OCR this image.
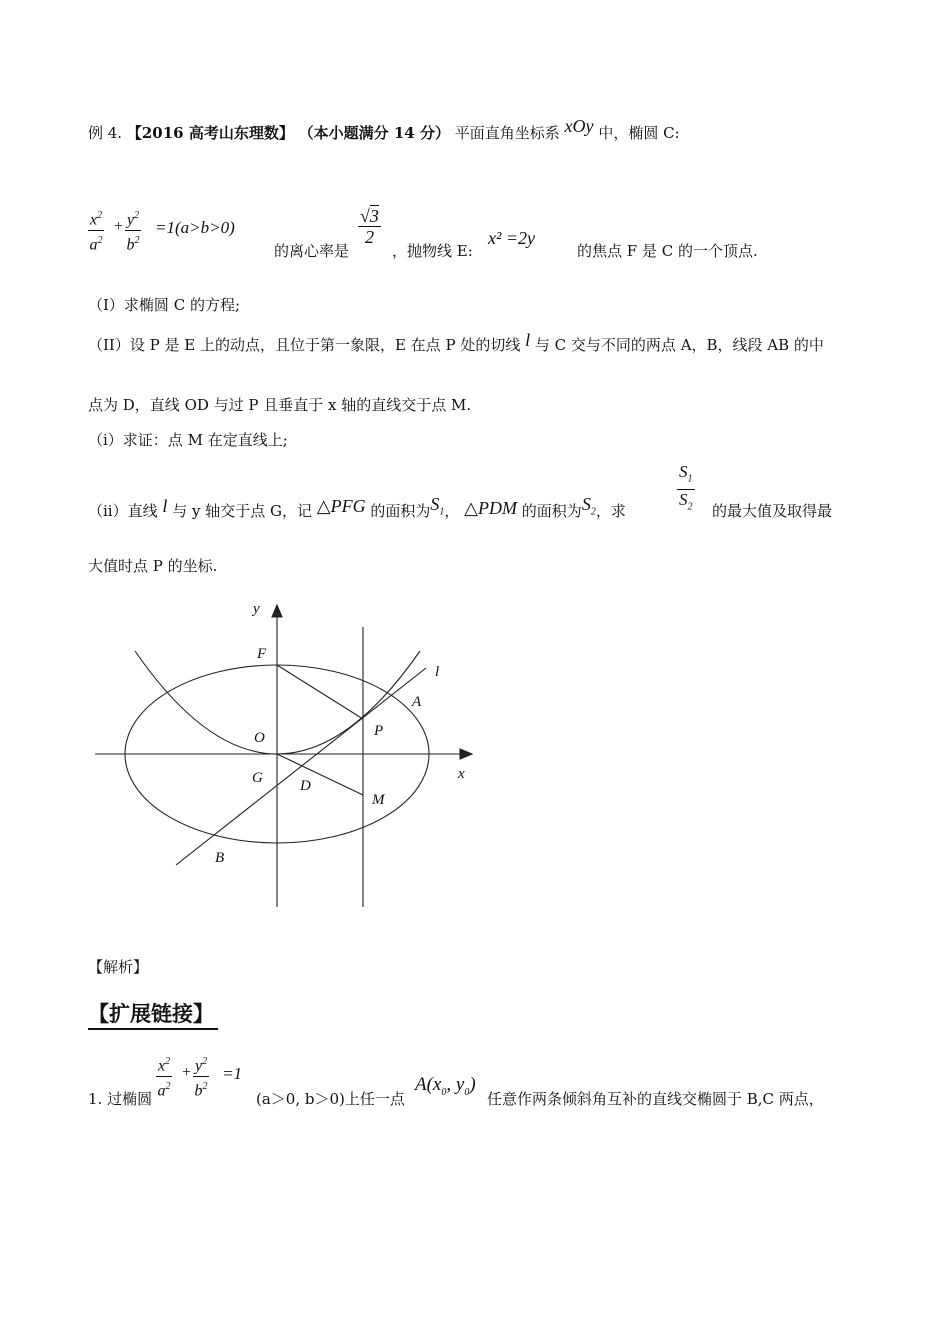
例 4. 【2016 高考山东理数】 （本小题满分 14 分） 平面直角坐标系 xOy 中，椭圆 C:
$\frac{x^2}{a^2} + \frac{y^2}{b^2} =1(a>b>0)$
的离心率是
$\frac{√3}{2}$
，抛物线 E:
x² =2y
的焦点 F 是 C 的一个顶点.
（I）求椭圆 C 的方程;
（II）设 P 是 E 上的动点，且位于第一象限，E 在点 P 处的切线 l 与 C 交与不同的两点 A，B，线段 AB 的中
点为 D，直线 OD 与过 P 且垂直于 x 轴的直线交于点 M.
（i）求证：点 M 在定直线上;
（ii）直线 l 与 y 轴交于点 G，记 △PFG 的面积为$S_1$， △PDM 的面积为$S_2$，求	$\frac{S_1}{S_2}$ 的最大值及取得最
大值时点 P 的坐标.
y
x
F
O
G D
P
M
A
B
l
【解析】
【扩展链接】
1. 过椭圆 $\frac{x^2}{a^2} + \frac{y^2}{b^2} =1$
(a＞0, b＞0)上任一点
$A(x_0$, $y_0$)
任意作两条倾斜角互补的直线交椭圆于 B,C 两点，
